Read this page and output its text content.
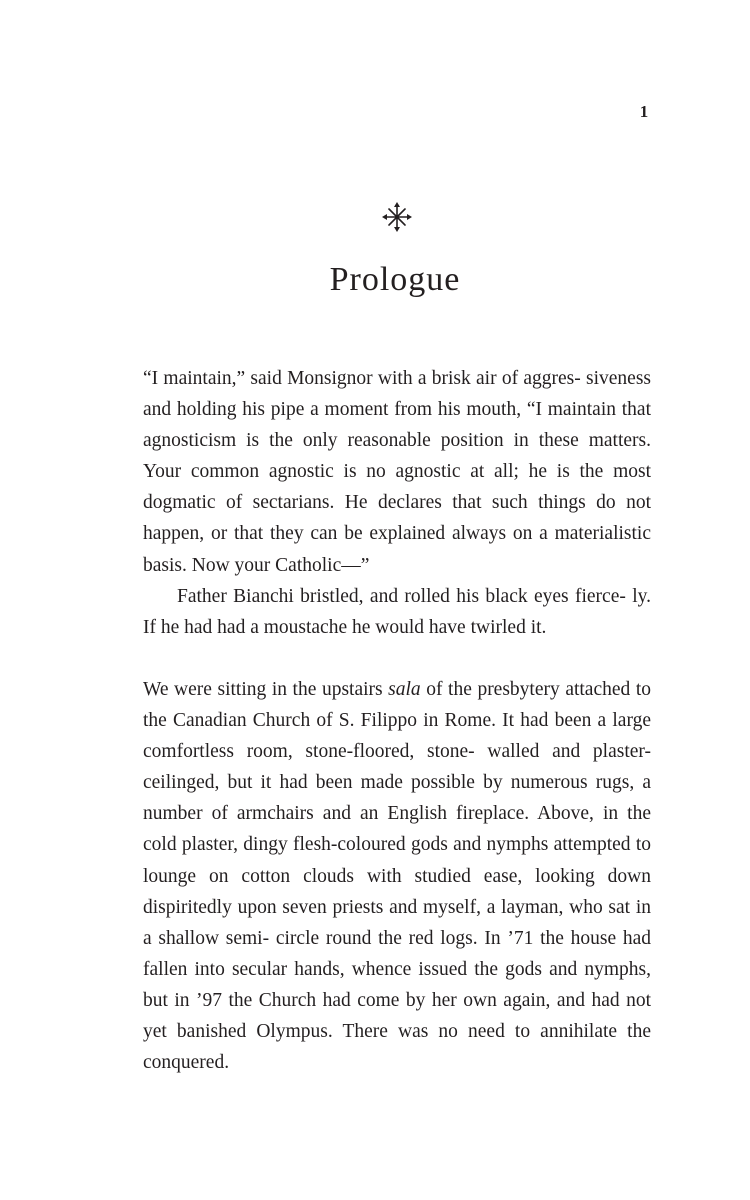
1
Prologue

“I maintain,” said Monsignor with a brisk air of aggres- siveness and holding his pipe a moment from his mouth, “I maintain that agnosticism is the only reasonable position in these matters. Your common agnostic is no agnostic at all; he is the most dogmatic of sectarians. He declares that such things do not happen, or that they can be explained always on a materialistic basis. Now your Catholic—”

Father Bianchi bristled, and rolled his black eyes fierce- ly. If he had had a moustache he would have twirled it.

We were sitting in the upstairs sala of the presbytery attached to the Canadian Church of S. Filippo in Rome. It had been a large comfortless room, stone-floored, stone- walled and plaster-ceilinged, but it had been made possible by numerous rugs, a number of armchairs and an English fireplace. Above, in the cold plaster, dingy flesh-coloured gods and nymphs attempted to lounge on cotton clouds with studied ease, looking down dispiritedly upon seven priests and myself, a layman, who sat in a shallow semi- circle round the red logs. In ’71 the house had fallen into secular hands, whence issued the gods and nymphs, but in ’97 the Church had come by her own again, and had not yet banished Olympus. There was no need to annihilate the conquered.
